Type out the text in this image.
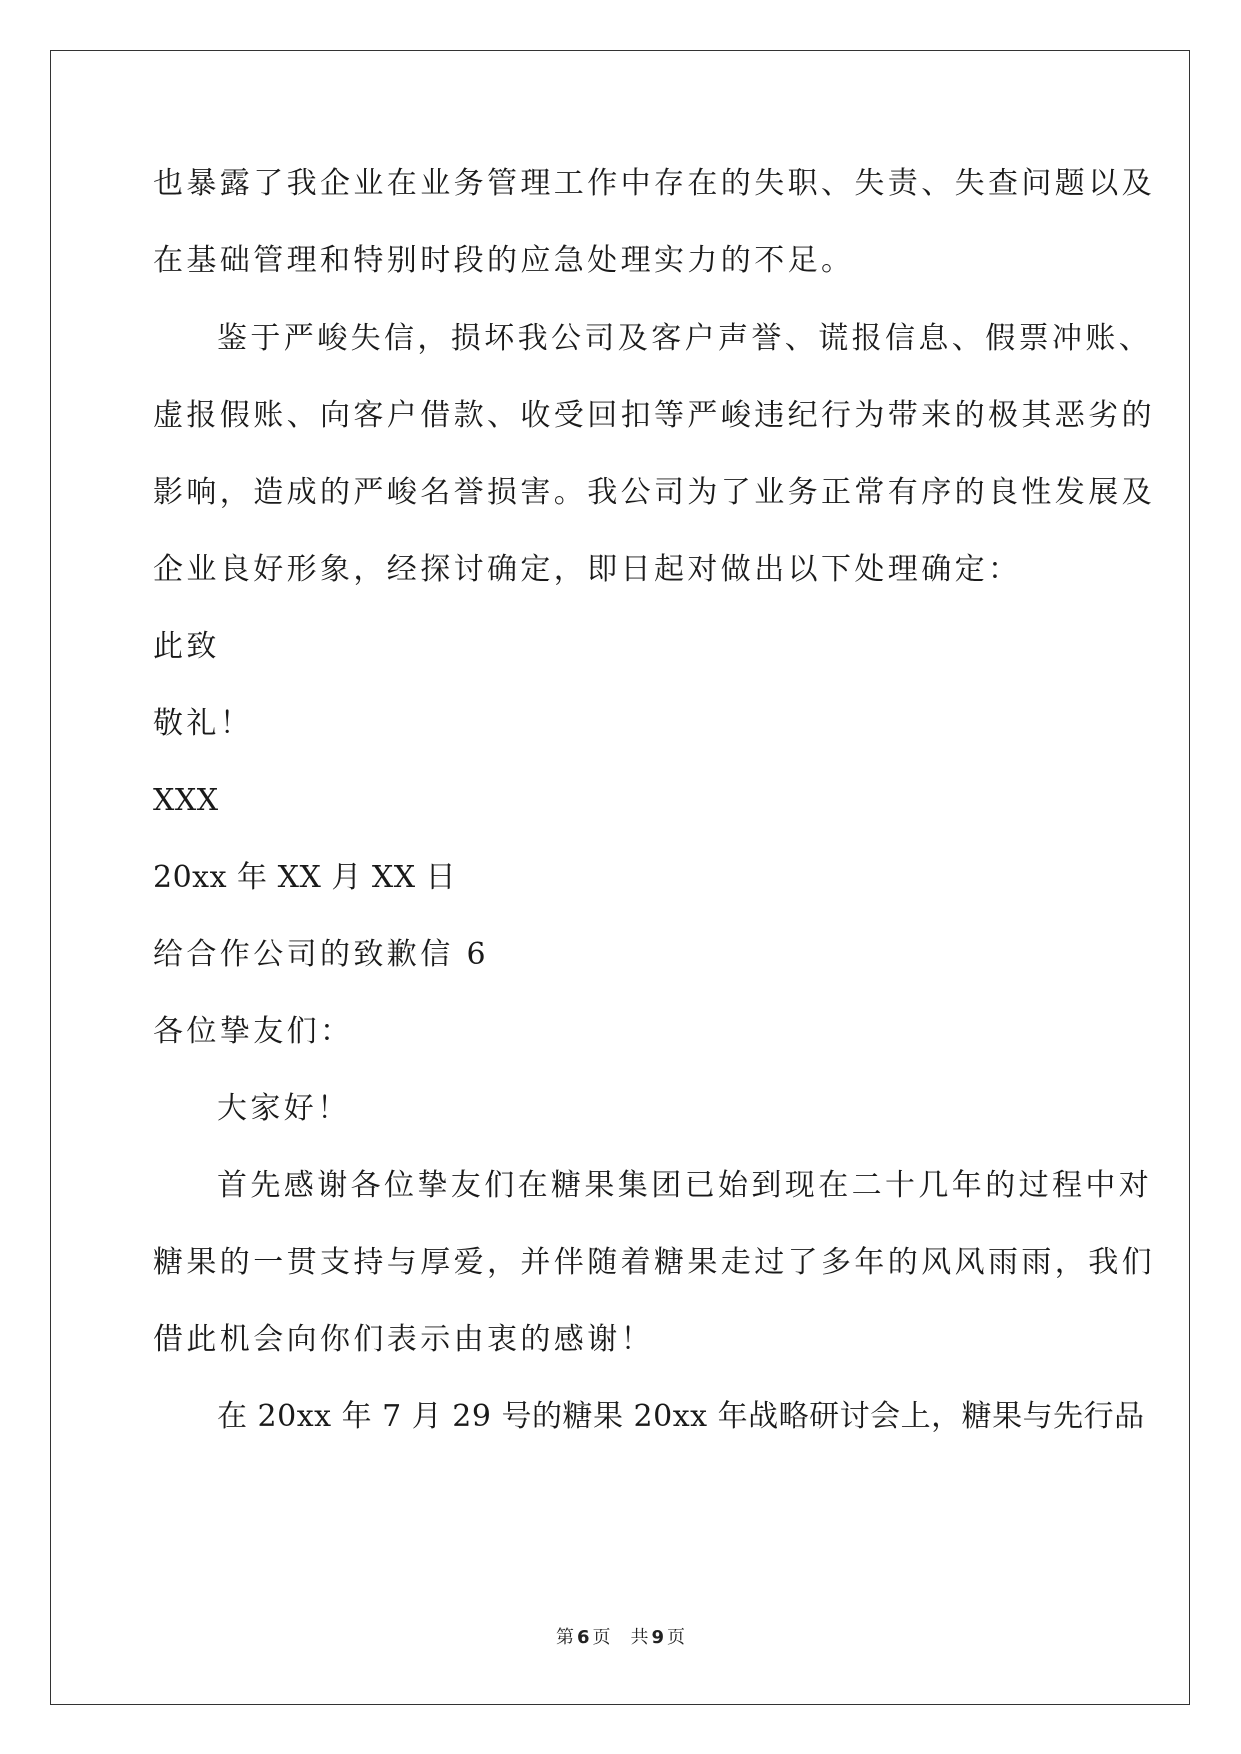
也暴露了我企业在业务管理工作中存在的失职、失责、失查问题以及
在基础管理和特别时段的应急处理实力的不足。
鉴于严峻失信，损坏我公司及客户声誉、谎报信息、假票冲账、
虚报假账、向客户借款、收受回扣等严峻违纪行为带来的极其恶劣的
影响，造成的严峻名誉损害。我公司为了业务正常有序的良性发展及
企业良好形象，经探讨确定，即日起对做出以下处理确定：
此致
敬礼！
XXX
20xx 年 XX 月 XX 日
给合作公司的致歉信 6
各位挚友们：
大家好！
首先感谢各位挚友们在糖果集团已始到现在二十几年的过程中对
糖果的一贯支持与厚爱，并伴随着糖果走过了多年的风风雨雨，我们
借此机会向你们表示由衷的感谢！
在 20xx 年 7 月 29 号的糖果 20xx 年战略研讨会上，糖果与先行品
第 6 页 共 9 页
